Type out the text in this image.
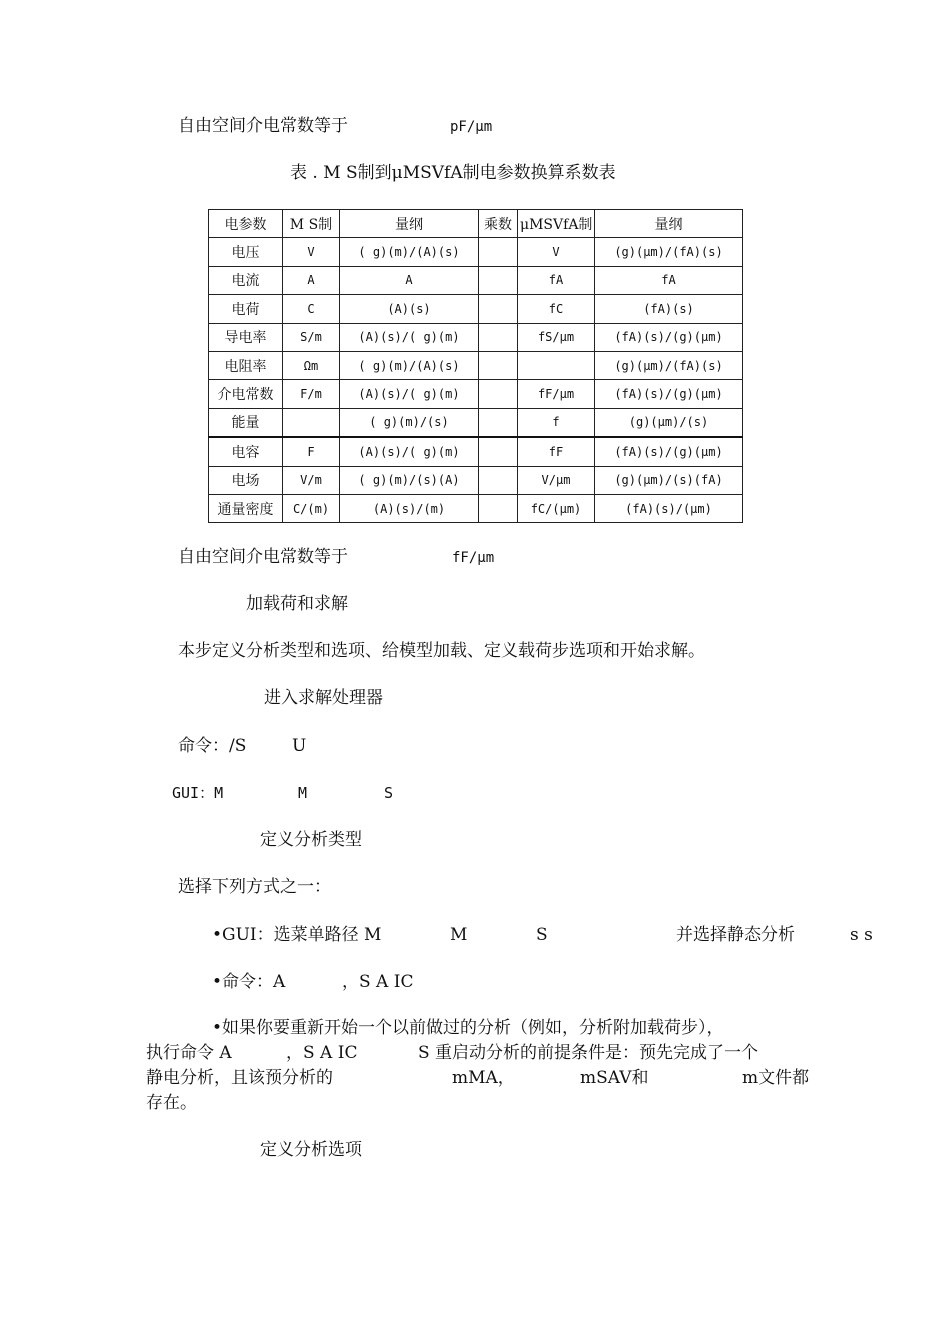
自由空间介电常数等于	pF/μm
表 . M S制到μMSVfA制电参数换算系数表
电参数	M S制	量纲	乘数	μMSVfA制	量纲
电压	V	( g)(m)/(A)(s)		V	(g)(μm)/(fA)(s)
电流	A	A		fA	fA
电荷	C	(A)(s)		fC	(fA)(s)
导电率	S/m	(A)(s)/( g)(m)		fS/μm	(fA)(s)/(g)(μm)
电阻率	Ωm	( g)(m)/(A)(s)			(g)(μm)/(fA)(s)
介电常数	F/m	(A)(s)/( g)(m)		fF/μm	(fA)(s)/(g)(μm)
能量		( g)(m)/(s)		f	(g)(μm)/(s)
电容	F	(A)(s)/( g)(m)		fF	(fA)(s)/(g)(μm)
电场	V/m	( g)(m)/(s)(A)		V/μm	(g)(μm)/(s)(fA)
通量密度	C/(m)	(A)(s)/(m)		fC/(μm)	(fA)(s)/(μm)
自由空间介电常数等于	fF/μm
加载荷和求解
本步定义分析类型和选项、给模型加载、定义载荷步选项和开始求解。
进入求解处理器
命令：/S	U
GUI：M	M	S
定义分析类型
选择下列方式之一：
•GUI：选菜单路径 M	M	S	并选择静态分析	s s
•命令：A	，S A IC
•如果你要重新开始一个以前做过的分析（例如，分析附加载荷步），
执行命令 A	，S A IC	S 重启动分析的前提条件是：预先完成了一个
静电分析，且该预分析的	mMA，	mSAV和	m文件都
存在。
定义分析选项
